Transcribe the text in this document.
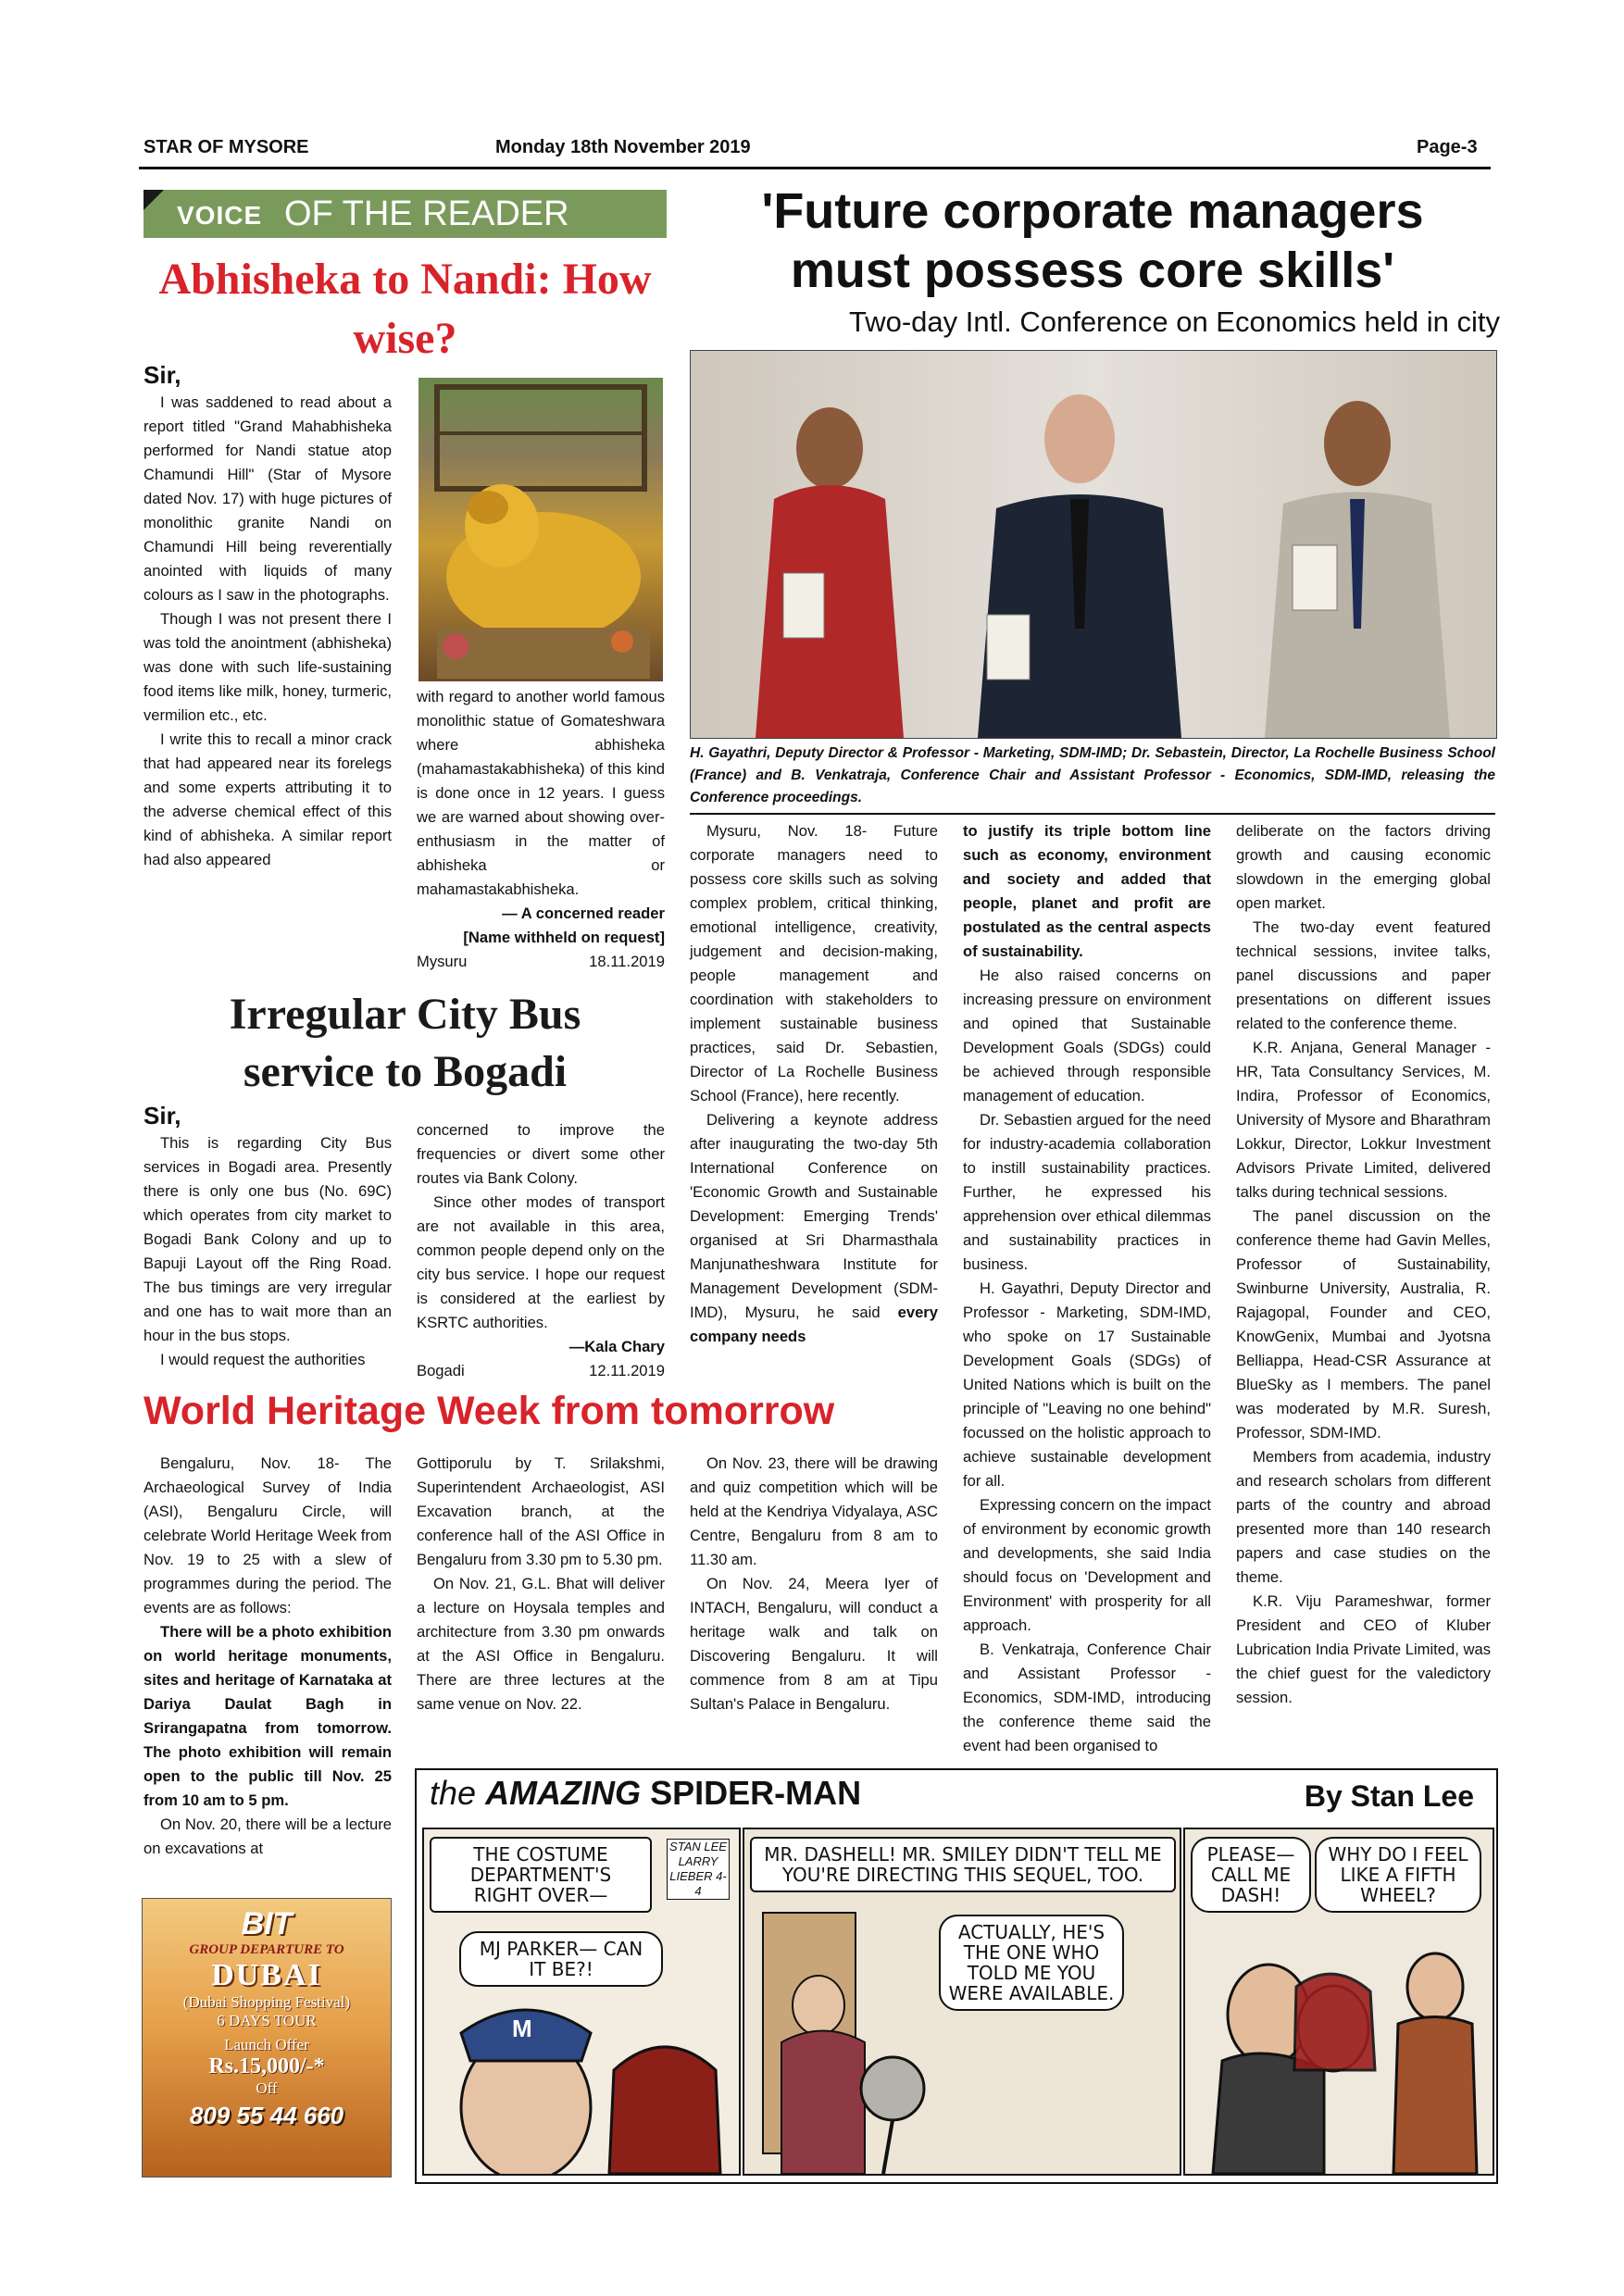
STAR OF MYSORE	Monday 18th November 2019	Page-3
VOICE OF THE READER
Abhisheka to Nandi: How wise?

Sir,

I was saddened to read about a report titled "Grand Mahabhisheka performed for Nandi statue atop Chamundi Hill" (Star of Mysore dated Nov. 17) with huge pictures of monolithic granite Nandi on Chamundi Hill being reverentially anointed with liquids of many colours as I saw in the photographs.

Though I was not present there I was told the anointment (abhisheka) was done with such life-sustaining food items like milk, honey, turmeric, vermilion etc., etc.

I write this to recall a minor crack that had appeared near its forelegs and some experts attributing it to the adverse chemical effect of this kind of abhisheka. A similar report had also appeared

with regard to another world famous monolithic statue of Gomateshwara where abhisheka (mahamastakabhisheka) of this kind is done once in 12 years. I guess we are warned about showing over-enthusiasm in the matter of abhisheka or mahamastakabhisheka.

— A concerned reader
[Name withheld on request]
Mysuru	18.11.2019
Irregular City Bus
service to Bogadi

Sir,

This is regarding City Bus services in Bogadi area. Presently there is only one bus (No. 69C) which operates from city market to Bogadi Bank Colony and up to Bapuji Layout off the Ring Road. The bus timings are very irregular and one has to wait more than an hour in the bus stops.

I would request the authorities

concerned to improve the frequencies or divert some other routes via Bank Colony.

Since other modes of transport are not available in this area, common people depend only on the city bus service. I hope our request is considered at the earliest by KSRTC authorities.

—Kala Chary
Bogadi	12.11.2019
World Heritage Week from tomorrow

Bengaluru, Nov. 18- The Archaeological Survey of India (ASI), Bengaluru Circle, will celebrate World Heritage Week from Nov. 19 to 25 with a slew of programmes during the period. The events are as follows:

There will be a photo exhibition on world heritage monuments, sites and heritage of Karnataka at Dariya Daulat Bagh in Srirangapatna from tomorrow. The photo exhibition will remain open to the public till Nov. 25 from 10 am to 5 pm.

On Nov. 20, there will be a lecture on excavations at

Gottiporulu by T. Srilakshmi, Superintendent Archaeologist, ASI Excavation branch, at the conference hall of the ASI Office in Bengaluru from 3.30 pm to 5.30 pm.

On Nov. 21, G.L. Bhat will deliver a lecture on Hoysala temples and architecture from 3.30 pm onwards at the ASI Office in Bengaluru. There are three lectures at the same venue on Nov. 22.

On Nov. 23, there will be drawing and quiz competition which will be held at the Kendriya Vidyalaya, ASC Centre, Bengaluru from 8 am to 11.30 am.

On Nov. 24, Meera Iyer of INTACH, Bengaluru, will conduct a heritage walk and talk on Discovering Bengaluru. It will commence from 8 am at Tipu Sultan's Palace in Bengaluru.

BIT
GROUP DEPARTURE TO
DUBAI
(Dubai Shopping Festival)
6 DAYS TOUR
Launch Offer
Rs.15,000/-*
Off
809 55 44 660
'Future corporate managers
must possess core skills'
Two-day Intl. Conference on Economics held in city
H. Gayathri, Deputy Director & Professor - Marketing, SDM-IMD; Dr. Sebastein, Director, La Rochelle Business School (France) and B. Venkatraja, Conference Chair and Assistant Professor - Economics, SDM-IMD, releasing the Conference proceedings.

Mysuru, Nov. 18- Future corporate managers need to possess core skills such as solving complex problem, critical thinking, emotional intelligence, creativity, judgement and decision-making, people management and coordination with stakeholders to implement sustainable business practices, said Dr. Sebastien, Director of La Rochelle Business School (France), here recently.

Delivering a keynote address after inaugurating the two-day 5th International Conference on 'Economic Growth and Sustainable Development: Emerging Trends' organised at Sri Dharmasthala Manjunatheshwara Institute for Management Development (SDM-IMD), Mysuru, he said every company needs

to justify its triple bottom line such as economy, environment and society and added that people, planet and profit are postulated as the central aspects of sustainability.

He also raised concerns on increasing pressure on environment and opined that Sustainable Development Goals (SDGs) could be achieved through responsible management of education.

Dr. Sebastien argued for the need for industry-academia collaboration to instill sustainability practices. Further, he expressed his apprehension over ethical dilemmas and sustainability practices in business.

H. Gayathri, Deputy Director and Professor - Marketing, SDM-IMD, who spoke on 17 Sustainable Development Goals (SDGs) of United Nations which is built on the principle of "Leaving no one behind" focussed on the holistic approach to achieve sustainable development for all.

Expressing concern on the impact of environment by economic growth and developments, she said India should focus on 'Development and Environment' with prosperity for all approach.

B. Venkatraja, Conference Chair and Assistant Professor - Economics, SDM-IMD, introducing the conference theme said the event had been organised to

deliberate on the factors driving growth and causing economic slowdown in the emerging global open market.

The two-day event featured technical sessions, invitee talks, panel discussions and paper presentations on different issues related to the conference theme.

K.R. Anjana, General Manager - HR, Tata Consultancy Services, M. Indira, Professor of Economics, University of Mysore and Bharathram Lokkur, Director, Lokkur Investment Advisors Private Limited, delivered talks during technical sessions.

The panel discussion on the conference theme had Gavin Melles, Professor of Sustainability, Swinburne University, Australia, R. Rajagopal, Founder and CEO, KnowGenix, Mumbai and Jyotsna Belliappa, Head-CSR Assurance at BlueSky as I members. The panel was moderated by M.R. Suresh, Professor, SDM-IMD.

Members from academia, industry and research scholars from different parts of the country and abroad presented more than 140 research papers and case studies on the theme.

K.R. Viju Parameshwar, former President and CEO of Kluber Lubrication India Private Limited, was the chief guest for the valedictory session.

the AMAZING SPIDER-MAN	By Stan Lee
THE COSTUME DEPARTMENT'S RIGHT OVER—
STAN LEE LARRY LIEBER 4-4
MJ PARKER— CAN IT BE?!
M
MR. DASHELL! MR. SMILEY DIDN'T TELL ME YOU'RE DIRECTING THIS SEQUEL, TOO.
ACTUALLY, HE'S THE ONE WHO TOLD ME YOU WERE AVAILABLE.
PLEASE— CALL ME DASH!
WHY DO I FEEL LIKE A FIFTH WHEEL?
